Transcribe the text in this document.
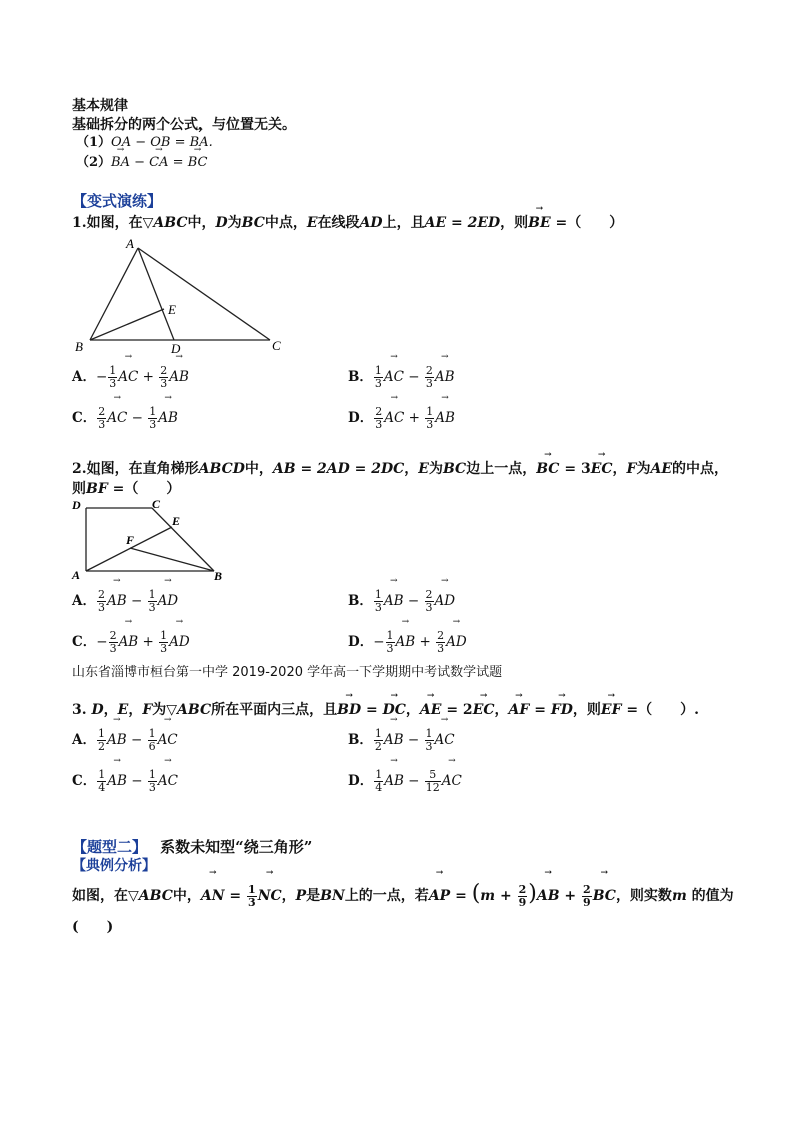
基本规律
基础拆分的两个公式，与位置无关。
（1）→ OA − → OB = → BA.
（2）→ BA − → CA = → BC
【变式演练】
1.如图，在▽ABC中，D为BC中点，E在线段AD上，且AE = 2ED，则→ BE =（　　）
A
B	C
D
E
A．− $\frac{1}{3}$ → AC + $\frac{2}{3}$ → AB	B． $\frac{1}{3}$ → AC − $\frac{2}{3}$ → AB
C． $\frac{2}{3}$ → AC − $\frac{1}{3}$ → AB	D． $\frac{2}{3}$ → AC + $\frac{1}{3}$ → AB
2.如图，在直角梯形ABCD中，AB = 2AD = 2DC，E为BC边上一点，→ BC = 3→ EC，F为AE的中点，
则→ BF =（　　）
D	C
E
F
A	B
A． $\frac{2}{3}$ → AB − $\frac{1}{3}$ → AD	B． $\frac{1}{3}$ → AB − $\frac{2}{3}$ → AD
C．− $\frac{2}{3}$ → AB + $\frac{1}{3}$ → AD	D．− $\frac{1}{3}$ → AB + $\frac{2}{3}$ → AD
山东省淄博市桓台第一中学 2019-2020 学年高一下学期期中考试数学试题
3. D，E，F为▽ABC所在平面内三点，且→ BD = → DC，→ AE = 2→ EC，→ AF = → FD，则→ EF =（　　）.
A． $\frac{1}{2}$ → AB − $\frac{1}{6}$ → AC	B． $\frac{1}{2}$ → AB − $\frac{1}{3}$ → AC
C． $\frac{1}{4}$ → AB − $\frac{1}{3}$ → AC	D． $\frac{1}{4}$ → AB − $\frac{5}{12}$ → AC
【题型二】 系数未知型“绕三角形”
【典例分析】
如图，在▽ABC中，→ AN = $\frac{1}{3}$ → NC，P是BN上的一点，若→ AP = ($m + \frac{2}{9}$ )→ AB + $\frac{2}{9}$ → BC，则实数m 的值为
(　　)
